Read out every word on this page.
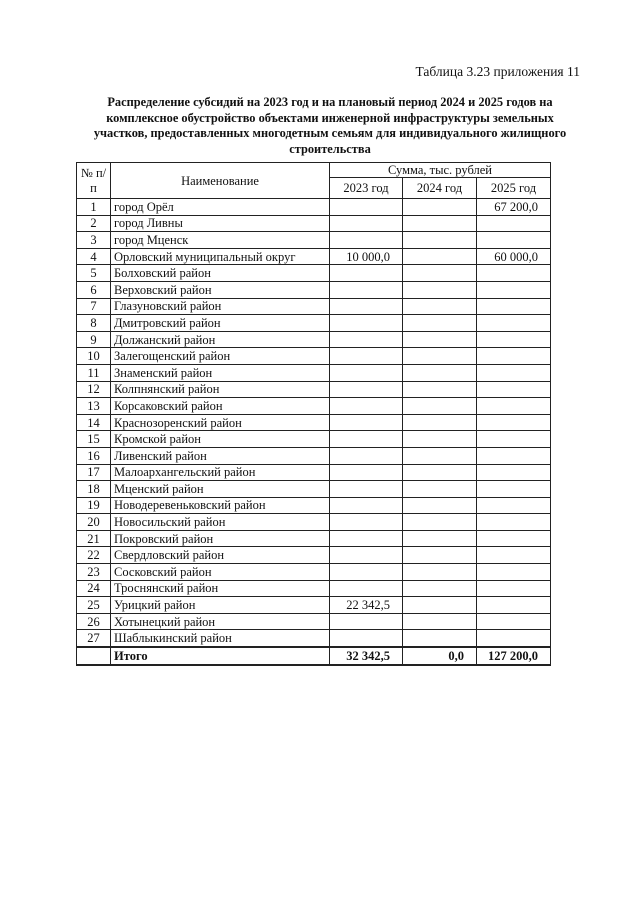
Таблица 3.23 приложения 11
Распределение субсидий на 2023 год и на плановый период 2024 и 2025 годов на комплексное обустройство объектами инженерной инфраструктуры земельных участков, предоставленных многодетным семьям для индивидуального жилищного строительства
№ п/п	Наименование	Сумма, тыс. рублей		
		2023 год	2024 год	2025 год
1	город Орёл			67 200,0
2	город Ливны			
3	город Мценск			
4	Орловский муниципальный округ	10 000,0		60 000,0
5	Болховский район			
6	Верховский район			
7	Глазуновский район			
8	Дмитровский район			
9	Должанский район			
10	Залегощенский район			
11	Знаменский район			
12	Колпнянский район			
13	Корсаковский район			
14	Краснозоренский район			
15	Кромской район			
16	Ливенский район			
17	Малоархангельский район			
18	Мценский район			
19	Новодеревеньковский район			
20	Новосильский район			
21	Покровский район			
22	Свердловский район			
23	Сосковский район			
24	Троснянский район			
25	Урицкий район	22 342,5		
26	Хотынецкий район			
27	Шаблыкинский район			
	Итого	32 342,5	0,0	127 200,0
